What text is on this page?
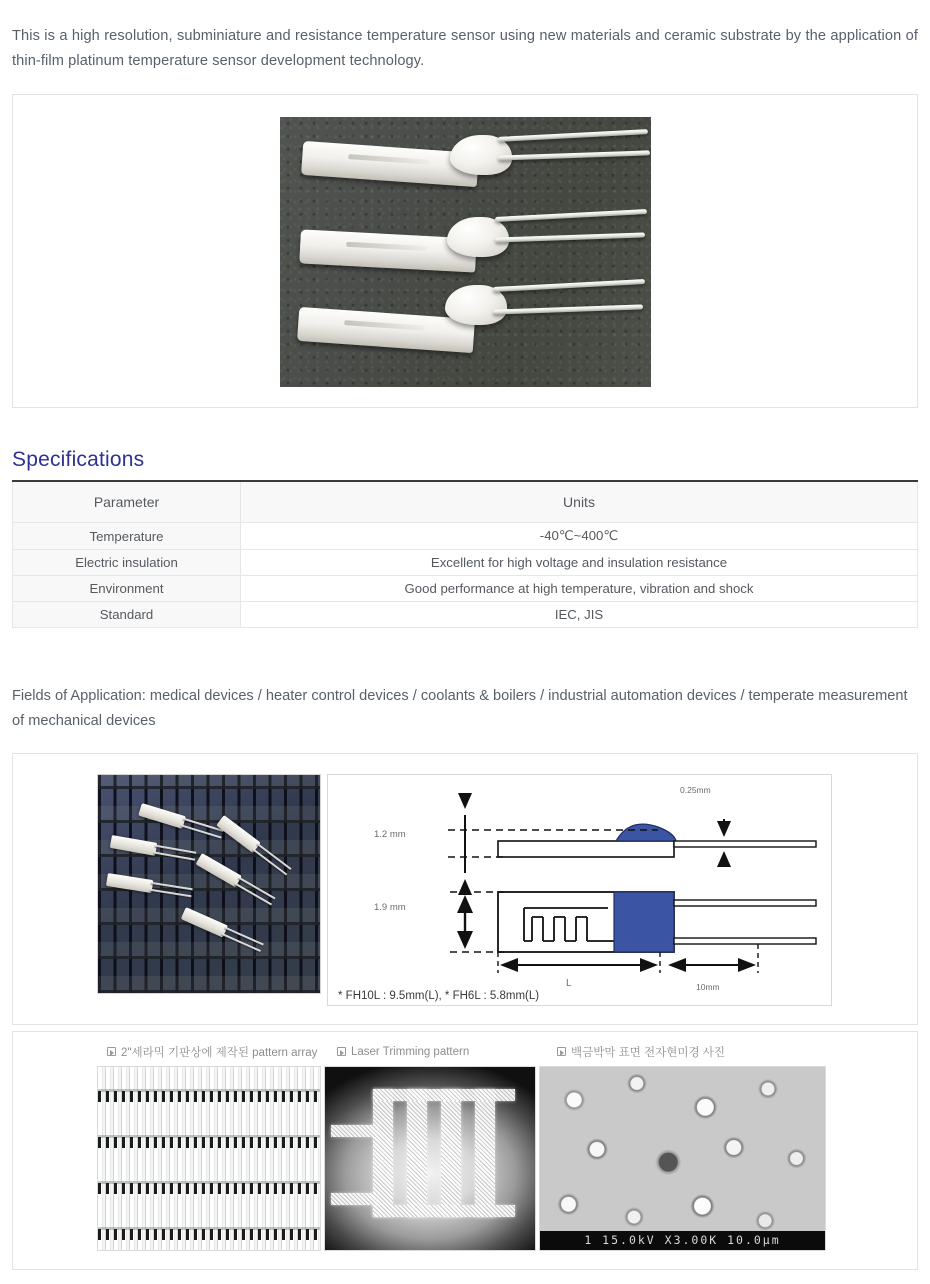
This is a high resolution, subminiature and resistance temperature sensor using new materials and ceramic substrate by the application of thin-film platinum temperature sensor development technology.

Specifications
Parameter	Units
Temperature	-40℃~400℃
Electric insulation	Excellent for high voltage and insulation resistance
Environment	Good performance at high temperature, vibration and shock
Standard	IEC, JIS

Fields of Application: medical devices / heater control devices / coolants & boilers / industrial automation devices / temperate measurement of mechanical devices

1.2 mm
0.25mm
1.9 mm
L	10mm
* FH10L : 9.5mm(L), * FH6L : 5.8mm(L)
2"세라믹 기판상에 제작된 pattern array	Laser Trimming pattern	백금박막 표면 전자현미경 사진
1 15.0kV X3.00K 10.0μm
